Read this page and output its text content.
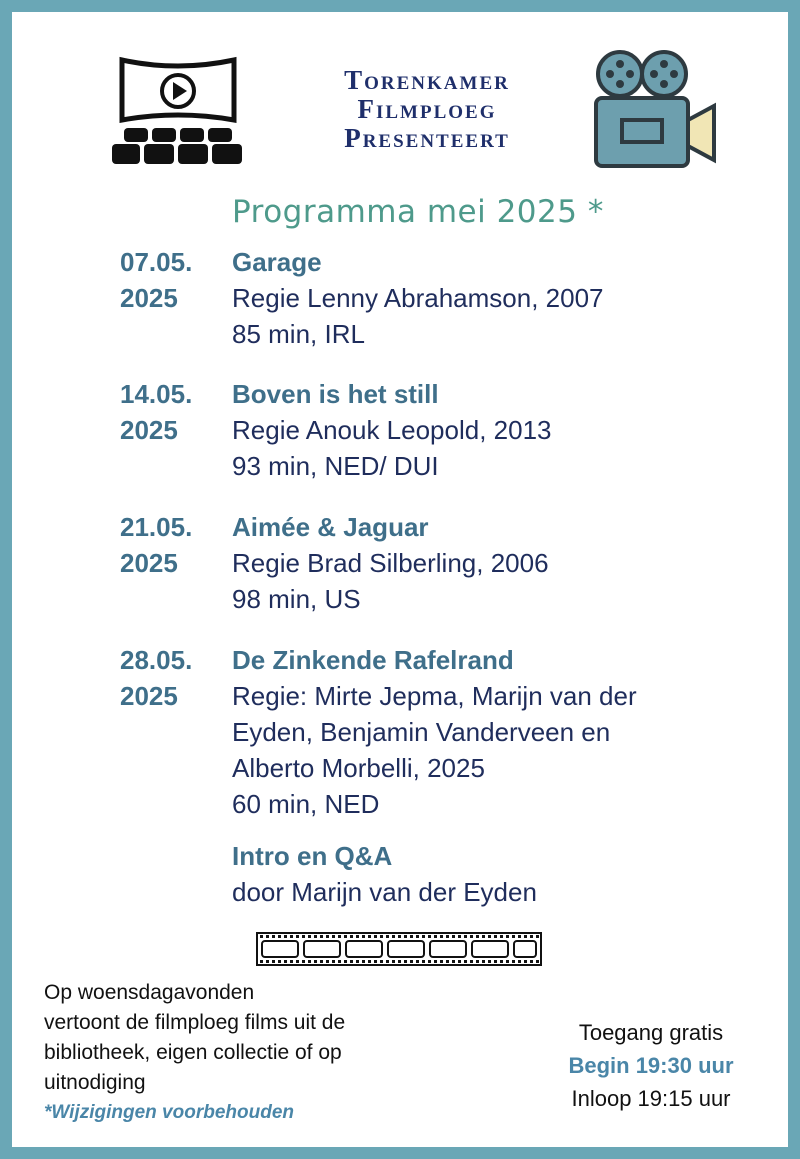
Torenkamer
Filmploeg
Presenteert
Programma mei 2025 *
07.05.
2025
Garage
Regie Lenny Abrahamson, 2007
85 min, IRL
14.05.
2025
Boven is het still
Regie Anouk Leopold, 2013
93 min, NED/ DUI
21.05.
2025
Aimée & Jaguar
Regie Brad Silberling, 2006
98 min, US
28.05.
2025
De Zinkende Rafelrand
Regie: Mirte Jepma, Marijn van der
Eyden, Benjamin Vanderveen en
Alberto Morbelli, 2025
60 min, NED
Intro en Q&A
door Marijn van der Eyden
Op woensdagavonden
vertoont de filmploeg films uit de
bibliotheek, eigen collectie of op
uitnodiging
*Wijzigingen voorbehouden
Toegang gratis
Begin 19:30 uur
Inloop 19:15 uur
